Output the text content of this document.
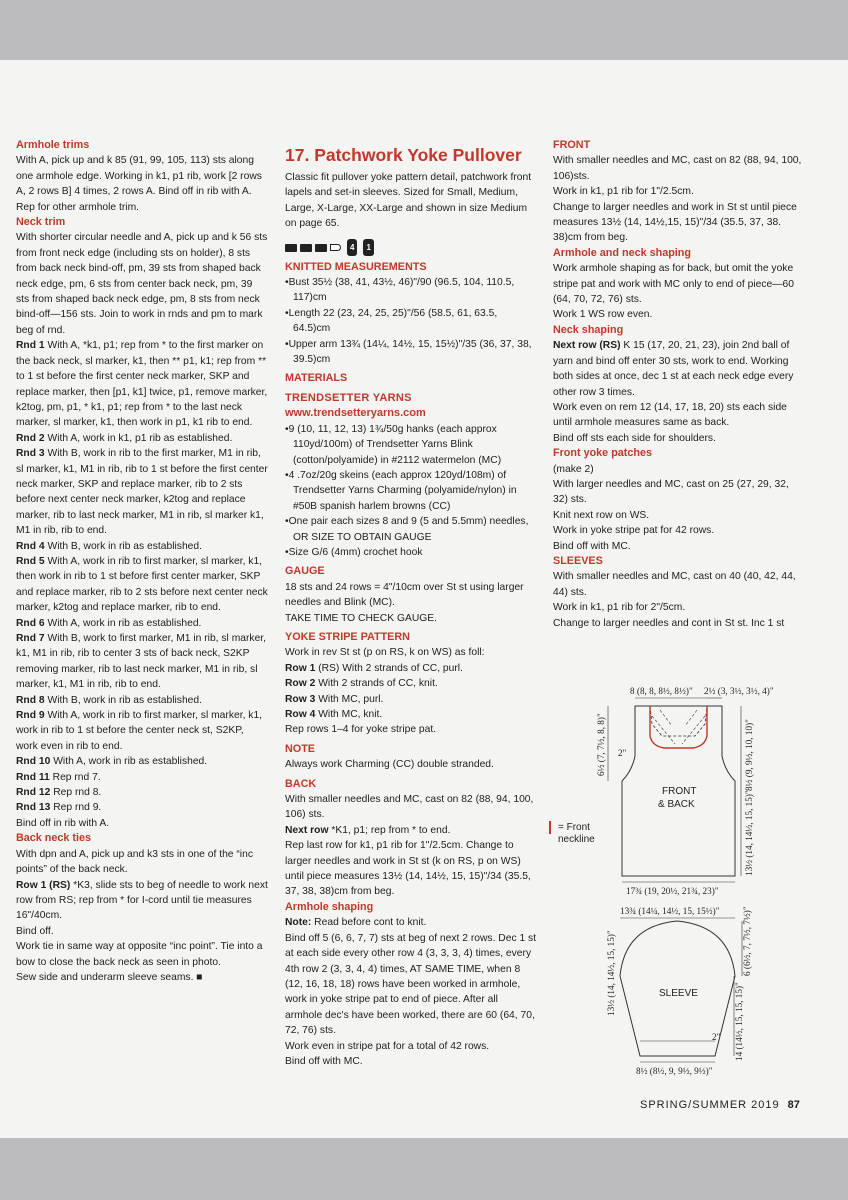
Armhole trims

With A, pick up and k 85 (91, 99, 105, 113) sts along one armhole edge. Working in k1, p1 rib, work [2 rows A, 2 rows B] 4 times, 2 rows A. Bind off in rib with A.

Rep for other armhole trim.

Neck trim

With shorter circular needle and A, pick up and k 56 sts from front neck edge (including sts on holder), 8 sts from back neck bind-off, pm, 39 sts from shaped back neck edge, pm, 6 sts from center back neck, pm, 39 sts from shaped back neck edge, pm, 8 sts from neck bind-off—156 sts. Join to work in rnds and pm to mark beg of rnd.

Rnd 1 With A, *k1, p1; rep from * to the first marker on the back neck, sl marker, k1, then ** p1, k1; rep from ** to 1 st before the first center neck marker, SKP and replace marker, then [p1, k1] twice, p1, remove marker, k2tog, pm, p1, * k1, p1; rep from * to the last neck marker, sl marker, k1, then work in p1, k1 rib to end.

Rnd 2 With A, work in k1, p1 rib as established.

Rnd 3 With B, work in rib to the first marker, M1 in rib, sl marker, k1, M1 in rib, rib to 1 st before the first center neck marker, SKP and replace marker, rib to 2 sts before next center neck marker, k2tog and replace marker, rib to last neck marker, M1 in rib, sl marker k1, M1 in rib, rib to end.

Rnd 4 With B, work in rib as established.

Rnd 5 With A, work in rib to first marker, sl marker, k1, then work in rib to 1 st before first center marker, SKP and replace marker, rib to 2 sts before next center neck marker, k2tog and replace marker, rib to end.

Rnd 6 With A, work in rib as established.

Rnd 7 With B, work to first marker, M1 in rib, sl marker, k1, M1 in rib, rib to center 3 sts of back neck, S2KP removing marker, rib to last neck marker, M1 in rib, sl marker, k1, M1 in rib, rib to end.

Rnd 8 With B, work in rib as established.

Rnd 9 With A, work in rib to first marker, sl marker, k1, work in rib to 1 st before the center neck st, S2KP, work even in rib to end.

Rnd 10 With A, work in rib as established.

Rnd 11 Rep rnd 7.

Rnd 12 Rep rnd 8.

Rnd 13 Rep rnd 9.

Bind off in rib with A.

Back neck ties

With dpn and A, pick up and k3 sts in one of the “inc points” of the back neck.

Row 1 (RS) *K3, slide sts to beg of needle to work next row from RS; rep from * for I-cord until tie measures 16"/40cm.

Bind off.

Work tie in same way at opposite “inc point”. Tie into a bow to close the back neck as seen in photo.

Sew side and underarm sleeve seams. ■

17. Patchwork Yoke Pullover

Classic fit pullover yoke pattern detail, patchwork front lapels and set-in sleeves. Sized for Small, Medium, Large, X-Large, XX-Large and shown in size Medium on page 65.

4	1
KNITTED MEASUREMENTS
• Bust 35½ (38, 41, 43½, 46)"/90 (96.5, 104, 110.5, 117)cm
• Length 22 (23, 24, 25, 25)"/56 (58.5, 61, 63.5, 64.5)cm
• Upper arm 13¾ (14¼, 14½, 15, 15½)"/35 (36, 37, 38, 39.5)cm
MATERIALS
TRENDSETTER YARNS
www.trendsetteryarns.com
• 9 (10, 11, 12, 13) 1¾/50g hanks (each approx 110yd/100m) of Trendsetter Yarns Blink (cotton/polyamide) in #2112 watermelon (MC)
• 4 .7oz/20g skeins (each approx 120yd/108m) of Trendsetter Yarns Charming (polyamide/nylon) in #50B spanish harlem browns (CC)
• One pair each sizes 8 and 9 (5 and 5.5mm) needles, OR SIZE TO OBTAIN GAUGE
• Size G/6 (4mm) crochet hook
GAUGE

18 sts and 24 rows = 4"/10cm over St st using larger needles and Blink (MC).

TAKE TIME TO CHECK GAUGE.

YOKE STRIPE PATTERN

Work in rev St st (p on RS, k on WS) as foll:

Row 1 (RS) With 2 strands of CC, purl.

Row 2 With 2 strands of CC, knit.

Row 3 With MC, purl.

Row 4 With MC, knit.

Rep rows 1–4 for yoke stripe pat.

NOTE

Always work Charming (CC) double stranded.

BACK

With smaller needles and MC, cast on 82 (88, 94, 100, 106) sts.

Next row *K1, p1; rep from * to end.

Rep last row for k1, p1 rib for 1"/2.5cm. Change to larger needles and work in St st (k on RS, p on WS) until piece measures 13½ (14, 14½, 15, 15)"/34 (35.5, 37, 38, 38)cm from beg.

Armhole shaping

Note: Read before cont to knit.

Bind off 5 (6, 6, 7, 7) sts at beg of next 2 rows. Dec 1 st at each side every other row 4 (3, 3, 3, 4) times, every 4th row 2 (3, 3, 4, 4) times, AT SAME TIME, when 8 (12, 16, 18, 18) rows have been worked in armhole, work in yoke stripe pat to end of piece. After all armhole dec's have been worked, there are 60 (64, 70, 72, 76) sts.

Work even in stripe pat for a total of 42 rows.

Bind off with MC.

FRONT

With smaller needles and MC, cast on 82 (88, 94, 100, 106)sts.

Work in k1, p1 rib for 1"/2.5cm.

Change to larger needles and work in St st until piece measures 13½ (14, 14½,15, 15)"/34 (35.5, 37, 38. 38)cm from beg.

Armhole and neck shaping

Work armhole shaping as for back, but omit the yoke stripe pat and work with MC only to end of piece—60 (64, 70, 72, 76) sts.

Work 1 WS row even.

Neck shaping

Next row (RS) K 15 (17, 20, 21, 23), join 2nd ball of yarn and bind off enter 30 sts, work to end. Working both sides at once, dec 1 st at each neck edge every other row 3 times.

Work even on rem 12 (14, 17, 18, 20) sts each side until armhole measures same as back.

Bind off sts each side for shoulders.

Front yoke patches

(make 2)

With larger needles and MC, cast on 25 (27, 29, 32, 32) sts.

Knit next row on WS.

Work in yoke stripe pat for 42 rows.

Bind off with MC.

SLEEVES

With smaller needles and MC, cast on 40 (40, 42, 44, 44) sts.

Work in k1, p1 rib for 2"/5cm.

Change to larger needles and cont in St st. Inc 1 st

8 (8, 8, 8½, 8½)" 2½ (3, 3½, 3½, 4)"
6½ (7, 7½, 8, 8)" 2"	8½ (9, 9½, 10, 10)"
13½ (14, 14½, 15, 15)"
FRONT
& BACK
= Front
neckline
17¾ (19, 20½, 21¾, 23)"
13¾ (14¼, 14½, 15, 15½)"
SLEEVE
13½ (14, 14½, 15, 15)"	6 (6½, 7, 7½, 7½)"
14 (14½, 15, 15, 15)"
2"
8½ (8½, 9, 9½, 9½)"
SPRING/SUMMER 2019 87
